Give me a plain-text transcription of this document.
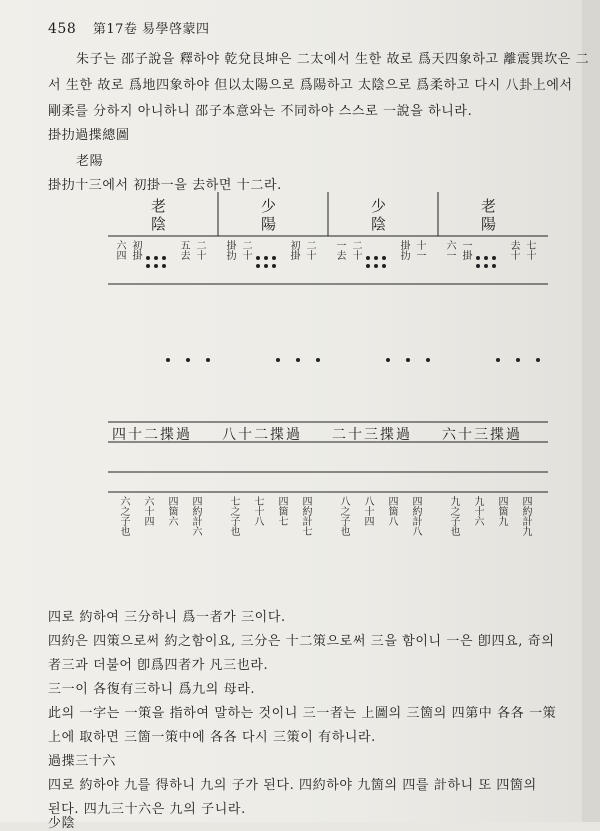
458 第17卷 易學啓蒙四
朱子는 邵子說을 釋하야 乾兌艮坤은 二太에서 生한 故로 爲天四象하고 離震巽坎은 二
서 生한 故로 爲地四象하야 但以太陽으로 爲陽하고 太陰으로 爲柔하고 다시 八卦上에서
剛柔를 分하지 아니하니 邵子本意와는 不同하야 스스로 一說을 하니라.
掛扐過揲總圖
老陽
掛扐十三에서 初掛一을 去하면 十二라.
老陰	少陽	少陰	老陽
六四 初掛	五去 二十 掛扐 二十	初掛 二十 一去 二十	掛扐 十一 六一 一掛	去十 七十
四十二揲過 八十二揲過 二十三揲過 六十三揲過
六之子也 六十四 四箇六 四約計六	七之子也 七十八 四箇七 四約計七	八之子也 八十四 四箇八 四約計八	九之子也 九十六 四箇九 四約計九
四로 約하여 三分하니 爲一者가 三이다.
四約은 四策으로써 約之함이요, 三分은 十二策으로써 三을 함이니 一은 卽四요, 奇의
者三과 더불어 卽爲四者가 凡三也라.
三一이 各復有三하니 爲九의 母라.
此의 一字는 一策을 指하여 말하는 것이니 三一者는 上圖의 三箇의 四第中 各各 一策
上에 取하면 三箇一策中에 各各 다시 三策이 有하니라.
過揲三十六
四로 約하야 九를 得하니 九의 子가 된다. 四約하야 九箇의 四를 計하니 또 四箇의
된다. 四九三十六은 九의 子니라.
少陰
